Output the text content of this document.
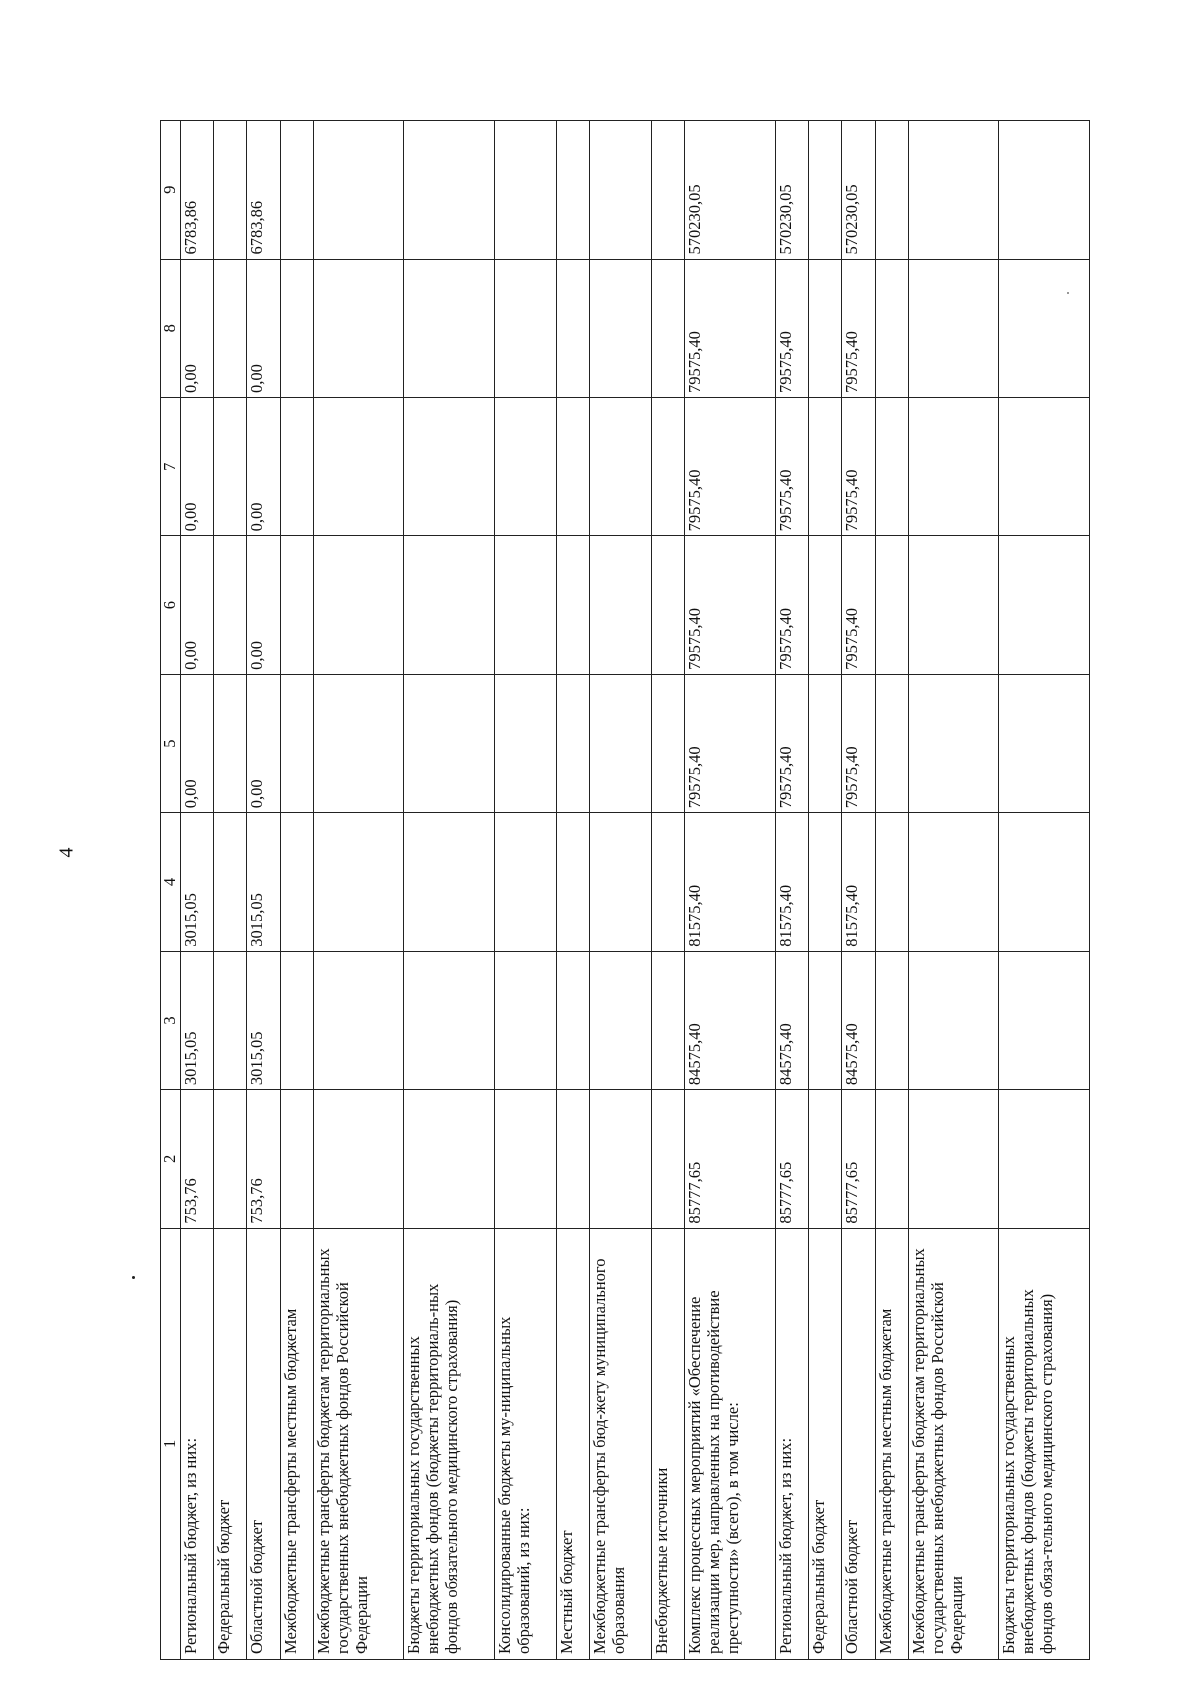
4
1	2	3	4	5	6	7	8	9
Региональный бюджет, из них:	753,76	3015,05	3015,05	0,00	0,00	0,00	0,00	6783,86
Федеральный бюджет								
Областной бюджет	753,76	3015,05	3015,05	0,00	0,00	0,00	0,00	6783,86
Межбюджетные трансферты местным бюджетам								
Межбюджетные трансферты бюджетам территориальных государственных внебюджетных фондов Российской Федерации								
Бюджеты территориальных государственных внебюджетных фондов (бюджеты территориаль-ных фондов обязательного медицинского страхования)								
Консолидированные бюджеты му-ниципальных образований, из них:								
Местный бюджет								
Межбюджетные трансферты бюд-жету муниципального образования								
Внебюджетные источники								
Комплекс процессных мероприятий «Обеспечение реализации мер, направленных на противодействие преступности» (всего), в том числе:	85777,65	84575,40	81575,40	79575,40	79575,40	79575,40	79575,40	570230,05
Региональный бюджет, из них:	85777,65	84575,40	81575,40	79575,40	79575,40	79575,40	79575,40	570230,05
Федеральный бюджет								
Областной бюджет	85777,65	84575,40	81575,40	79575,40	79575,40	79575,40	79575,40	570230,05
Межбюджетные трансферты местным бюджетам								
Межбюджетные трансферты бюджетам территориальных государственных внебюджетных фондов Российской Федерации								
Бюджеты территориальных государственных внебюджетных фондов (бюджеты территориальных фондов обяза-тельного медицинского страхования)								
